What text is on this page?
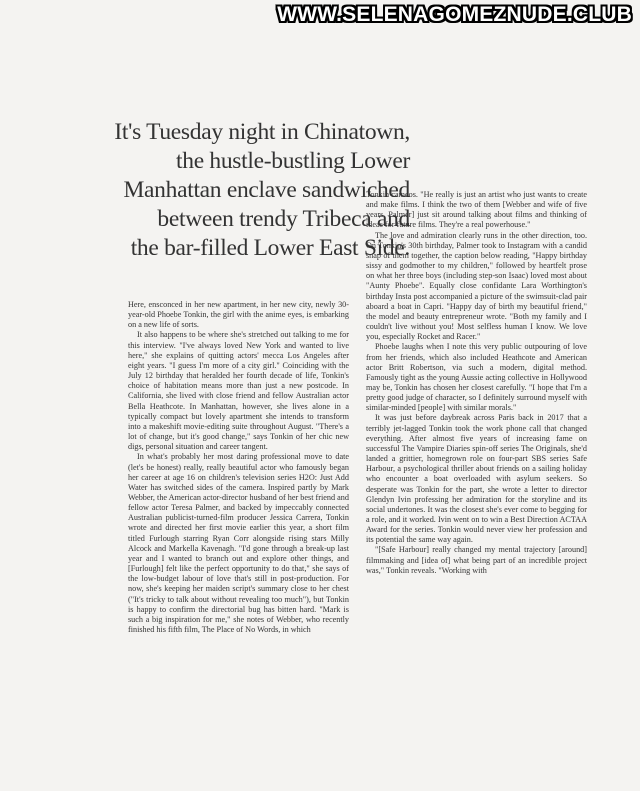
WWW.SELENAGOMEZNUDE.CLUB
It's Tuesday night in Chinatown,
the hustle-bustling Lower
Manhattan enclave sandwiched
between trendy Tribeca and
the bar-filled Lower East Side.

Here, ensconced in her new apartment, in her new city, newly 30-year-old Phoebe Tonkin, the girl with the anime eyes, is embarking on a new life of sorts.

It also happens to be where she's stretched out talking to me for this interview. "I've always loved New York and wanted to live here," she explains of quitting actors' mecca Los Angeles after eight years. "I guess I'm more of a city girl." Coinciding with the July 12 birthday that heralded her fourth decade of life, Tonkin's choice of habitation means more than just a new postcode. In California, she lived with close friend and fellow Australian actor Bella Heathcote. In Manhattan, however, she lives alone in a typically compact but lovely apartment she intends to transform into a makeshift movie-editing suite throughout August. "There's a lot of change, but it's good change," says Tonkin of her chic new digs, personal situation and career tangent.

In what's probably her most daring professional move to date (let's be honest) really, really beautiful actor who famously began her career at age 16 on children's television series H2O: Just Add Water has switched sides of the camera. Inspired partly by Mark Webber, the American actor-director husband of her best friend and fellow actor Teresa Palmer, and backed by impeccably connected Australian publicist-turned-film producer Jessica Carrera, Tonkin wrote and directed her first movie earlier this year, a short film titled Furlough starring Ryan Corr alongside rising stars Milly Alcock and Markella Kavenagh. "I'd gone through a break-up last year and I wanted to branch out and explore other things, and [Furlough] felt like the perfect opportunity to do that," she says of the low-budget labour of love that's still in post-production. For now, she's keeping her maiden script's summary close to her chest ("It's tricky to talk about without revealing too much"), but Tonkin is happy to confirm the directorial bug has bitten hard. "Mark is such a big inspiration for me," she notes of Webber, who recently finished his fifth film, The Place of No Words, in which

Tonkin cameos. "He really is just an artist who just wants to create and make films. I think the two of them [Webber and wife of five years, Palmer] just sit around talking about films and thinking of ideas for future films. They're a real powerhouse."

The love and admiration clearly runs in the other direction, too. On Tonkin's 30th birthday, Palmer took to Instagram with a candid snap of them together, the caption below reading, "Happy birthday sissy and godmother to my children," followed by heartfelt prose on what her three boys (including step-son Isaac) loved most about "Aunty Phoebe". Equally close confidante Lara Worthington's birthday Insta post accompanied a picture of the swimsuit-clad pair aboard a boat in Capri. "Happy day of birth my beautiful friend," the model and beauty entrepreneur wrote. "Both my family and I couldn't live without you! Most selfless human I know. We love you, especially Rocket and Racer."

Phoebe laughs when I note this very public outpouring of love from her friends, which also included Heathcote and American actor Britt Robertson, via such a modern, digital method. Famously tight as the young Aussie acting collective in Hollywood may be, Tonkin has chosen her closest carefully. "I hope that I'm a pretty good judge of character, so I definitely surround myself with similar-minded [people] with similar morals."

It was just before daybreak across Paris back in 2017 that a terribly jet-lagged Tonkin took the work phone call that changed everything. After almost five years of increasing fame on successful The Vampire Diaries spin-off series The Originals, she'd landed a grittier, homegrown role on four-part SBS series Safe Harbour, a psychological thriller about friends on a sailing holiday who encounter a boat overloaded with asylum seekers. So desperate was Tonkin for the part, she wrote a letter to director Glendyn Ivin professing her admiration for the storyline and its social undertones. It was the closest she's ever come to begging for a role, and it worked. Ivin went on to win a Best Direction ACTAA Award for the series. Tonkin would never view her profession and its potential the same way again.

"[Safe Harbour] really changed my mental trajectory [around] filmmaking and [idea of] what being part of an incredible project was," Tonkin reveals. "Working with
